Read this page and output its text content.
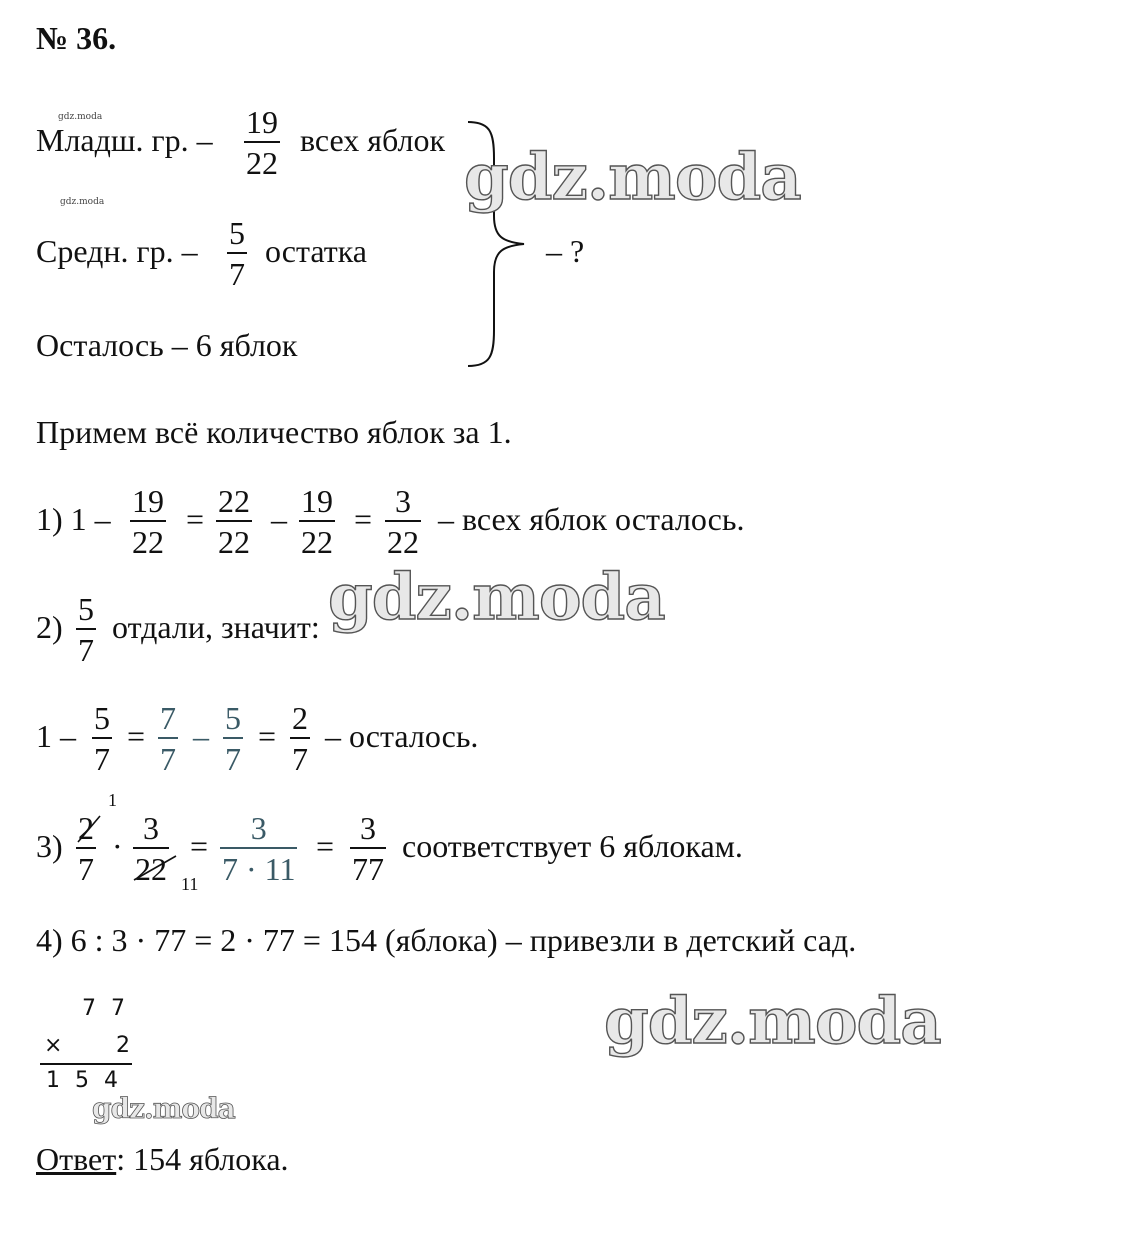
№ 36.
gdz.moda
gdz.moda
Младш. гр. – 19
22
всех яблок
Средн. гр. – 5
7
остатка
Осталось – 6 яблок
– ?
Примем всё количество яблок за 1.
1) 1 – 19
22
= 22
22
– 19
22
= 3
22
– всех яблок осталось.
2) 5
7
отдали, значит:
1 – 5
7
= 7
7
– 5
7
= 2
7
– осталось.
3) 2
7
1
· 3
22 11
= 3
7 · 11
= 3
77
соответствует 6 яблокам.
4) 6 : 3 · 77 = 2 · 77 = 154 (яблока) – привезли в детский сад.
7 7
× 2
1 5 4
Ответ: 154 яблока.
gdz.moda
gdz.moda
gdz.moda
gdz.moda
